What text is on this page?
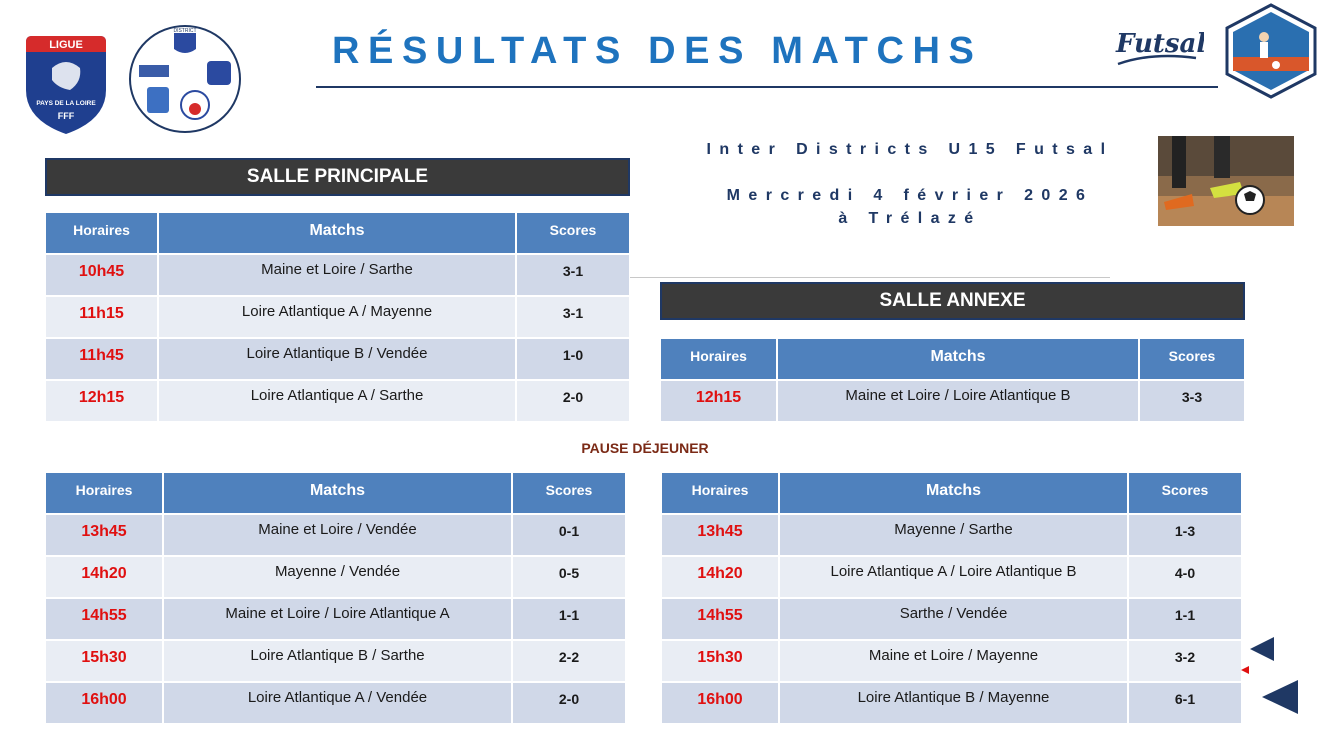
LIGUE
PAYS DE LA LOIRE
FFF
DISTRICT	Futsal
RÉSULTATS DES MATCHS
Inter Districts U15 Futsal
Mercredi 4 février 2026
à Trélazé
SALLE PRINCIPALE
SALLE ANNEXE
PAUSE DÉJEUNER
Horaires	Matchs	Scores
10h45	Maine et Loire / Sarthe	3-1
11h15	Loire Atlantique A / Mayenne	3-1
11h45	Loire Atlantique B / Vendée	1-0
12h15	Loire Atlantique A / Sarthe	2-0
Horaires	Matchs	Scores
12h15	Maine et Loire / Loire Atlantique B	3-3
Horaires	Matchs	Scores
13h45	Maine et Loire / Vendée	0-1
14h20	Mayenne / Vendée	0-5
14h55	Maine et Loire / Loire Atlantique A	1-1
15h30	Loire Atlantique B / Sarthe	2-2
16h00	Loire Atlantique A / Vendée	2-0
Horaires	Matchs	Scores
13h45	Mayenne / Sarthe	1-3
14h20	Loire Atlantique A / Loire Atlantique B	4-0
14h55	Sarthe / Vendée	1-1
15h30	Maine et Loire / Mayenne	3-2
16h00	Loire Atlantique B / Mayenne	6-1
